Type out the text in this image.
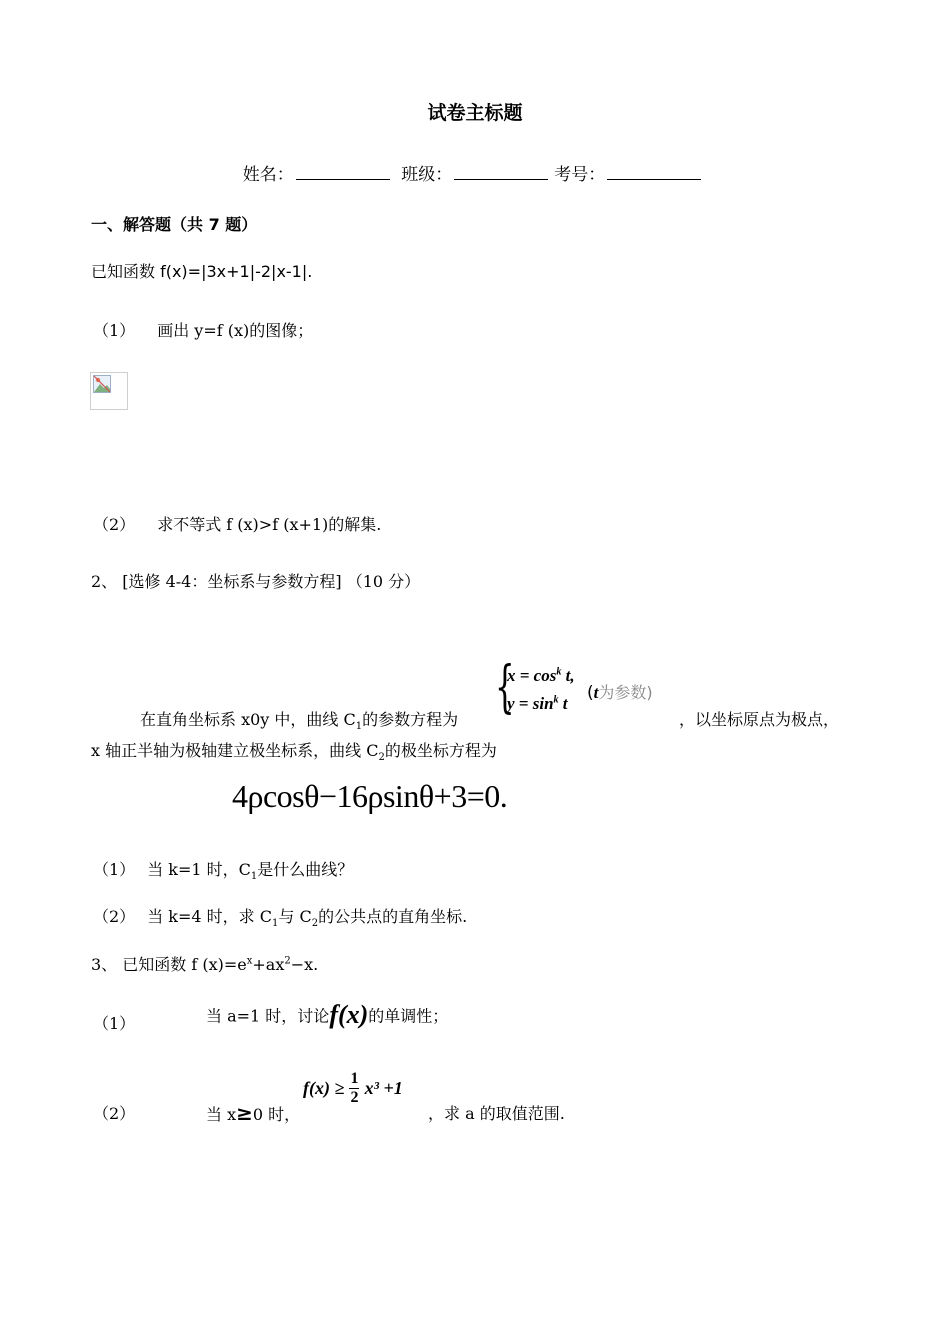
试卷主标题
姓名：	班级：	考号：
一、解答题（共 7 题）
已知函数 f(x)=|3x+1|-2|x-1|.
（1） 画出 y=f (x)的图像；
（2） 求不等式 f (x)>f (x+1)的解集.
2、 [选修 4-4：坐标系与参数方程] （10 分）
{
$x = \cos^k t$,
$y = \sin^k t$
(t为参数)
在直角坐标系 x0y 中，曲线 $C_1$的参数方程为	，以坐标原点为极点，
x 轴正半轴为极轴建立极坐标系，曲线 $C_2$的极坐标方程为
4ρcosθ−16ρsinθ+3=0.
（1） 当 k=1 时，$C_1$是什么曲线？
（2） 当 k=4 时，求 $C_1$与 $C_2$的公共点的直角坐标.
3、 已知函数 f $(x)=e^x+ax^2-x$.
（1）	当 a=1 时，讨论f(x)的单调性；
（2）	当 x≥0 时，
$f(x) \ge \frac{1}{2} x^3 +1$
，求 a 的取值范围.
